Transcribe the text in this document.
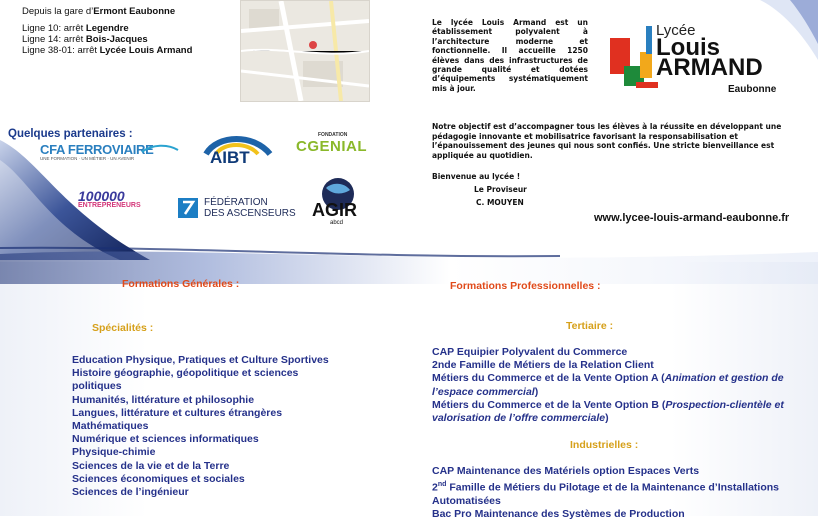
Depuis la gare d’Ermont Eaubonne
Ligne 10: arrêt Legendre
Ligne 14: arrêt Bois-Jacques
Ligne 38-01: arrêt Lycée Louis Armand
Quelques partenaires :
CFA FERROVIAIRE
UNE FORMATION · UN MÉTIER · UN AVENIR	AIBT
FONDATION
CGENIAL
100000
ENTREPRENEURS	FÉDÉRATION
DES ASCENSEURS AGIR
abcd
Le lycée Louis Armand est un établissement polyvalent à l’architecture moderne et fonctionnelle. Il accueille 1250 élèves dans des infrastructures de grande qualité et dotées d’équipements systématiquement mis à jour.
Lycée
Louis
ARMAND
Eaubonne
Notre objectif est d’accompagner tous les élèves à la réussite en développant une pédagogie innovante et mobilisatrice favorisant la responsabilisation et l’épanouissement des jeunes qui nous sont confiés. Une stricte bienveillance est appliquée au quotidien.
Bienvenue au lycée !
Le Proviseur
C. MOUYEN
www.lycee-louis-armand-eaubonne.fr
Formations Générales :
Spécialités :
Education Physique, Pratiques et Culture Sportives
Histoire géographie, géopolitique et sciences politiques
Humanités, littérature et philosophie
Langues, littérature et cultures étrangères
Mathématiques
Numérique et sciences informatiques
Physique-chimie
Sciences de la vie et de la Terre
Sciences économiques et sociales
Sciences de l’ingénieur
Formations Professionnelles :
Tertiaire :
CAP Equipier Polyvalent du Commerce
2nde Famille de Métiers de la Relation Client
Métiers du Commerce et de la Vente Option A (Animation et gestion de l’espace commercial)
Métiers du Commerce et de la Vente Option B (Prospection-clientèle et valorisation de l’offre commerciale)
Industrielles :
CAP Maintenance des Matériels option Espaces Verts
2nd Famille de Métiers du Pilotage et de la Maintenance d’Installations Automatisées
Bac Pro Maintenance des Systèmes de Production
